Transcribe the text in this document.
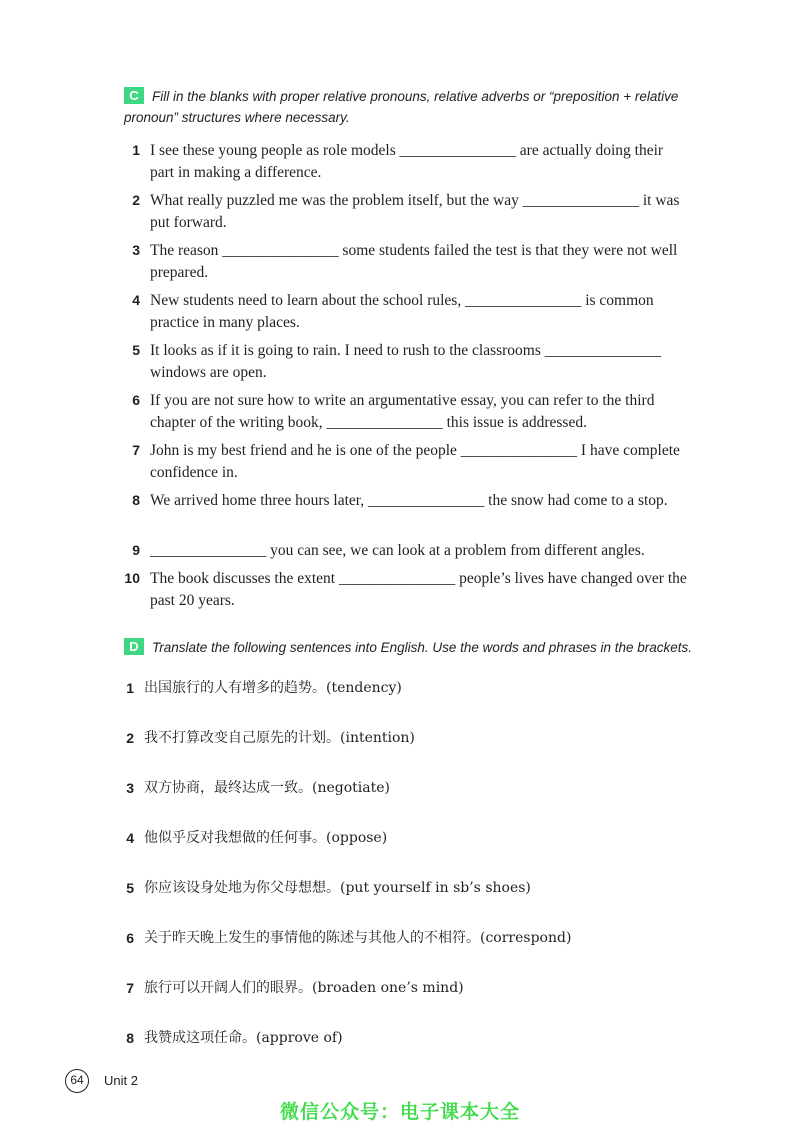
C Fill in the blanks with proper relative pronouns, relative adverbs or “preposition + relative pronoun” structures where necessary.
1 I see these young people as role models _______________ are actually doing their part in making a difference.
2 What really puzzled me was the problem itself, but the way _______________ it was put forward.
3 The reason _______________ some students failed the test is that they were not well prepared.
4 New students need to learn about the school rules, _______________ is common practice in many places.
5 It looks as if it is going to rain. I need to rush to the classrooms _______________ windows are open.
6 If you are not sure how to write an argumentative essay, you can refer to the third chapter of the writing book, _______________ this issue is addressed.
7 John is my best friend and he is one of the people _______________ I have complete confidence in.
8 We arrived home three hours later, _______________ the snow had come to a stop.
9 _______________ you can see, we can look at a problem from different angles.
10 The book discusses the extent _______________ people’s lives have changed over the past 20 years.
D Translate the following sentences into English. Use the words and phrases in the brackets.
1 出国旅行的人有增多的趋势。(tendency)
2 我不打算改变自己原先的计划。(intention)
3 双方协商，最终达成一致。(negotiate)
4 他似乎反对我想做的任何事。(oppose)
5 你应该设身处地为你父母想想。(put yourself in sb’s shoes)
6 关于昨天晚上发生的事情他的陈述与其他人的不相符。(correspond)
7 旅行可以开阔人们的眼界。(broaden one’s mind)
8 我赞成这项任命。(approve of)
64	Unit 2
微信公众号：电子课本大全
